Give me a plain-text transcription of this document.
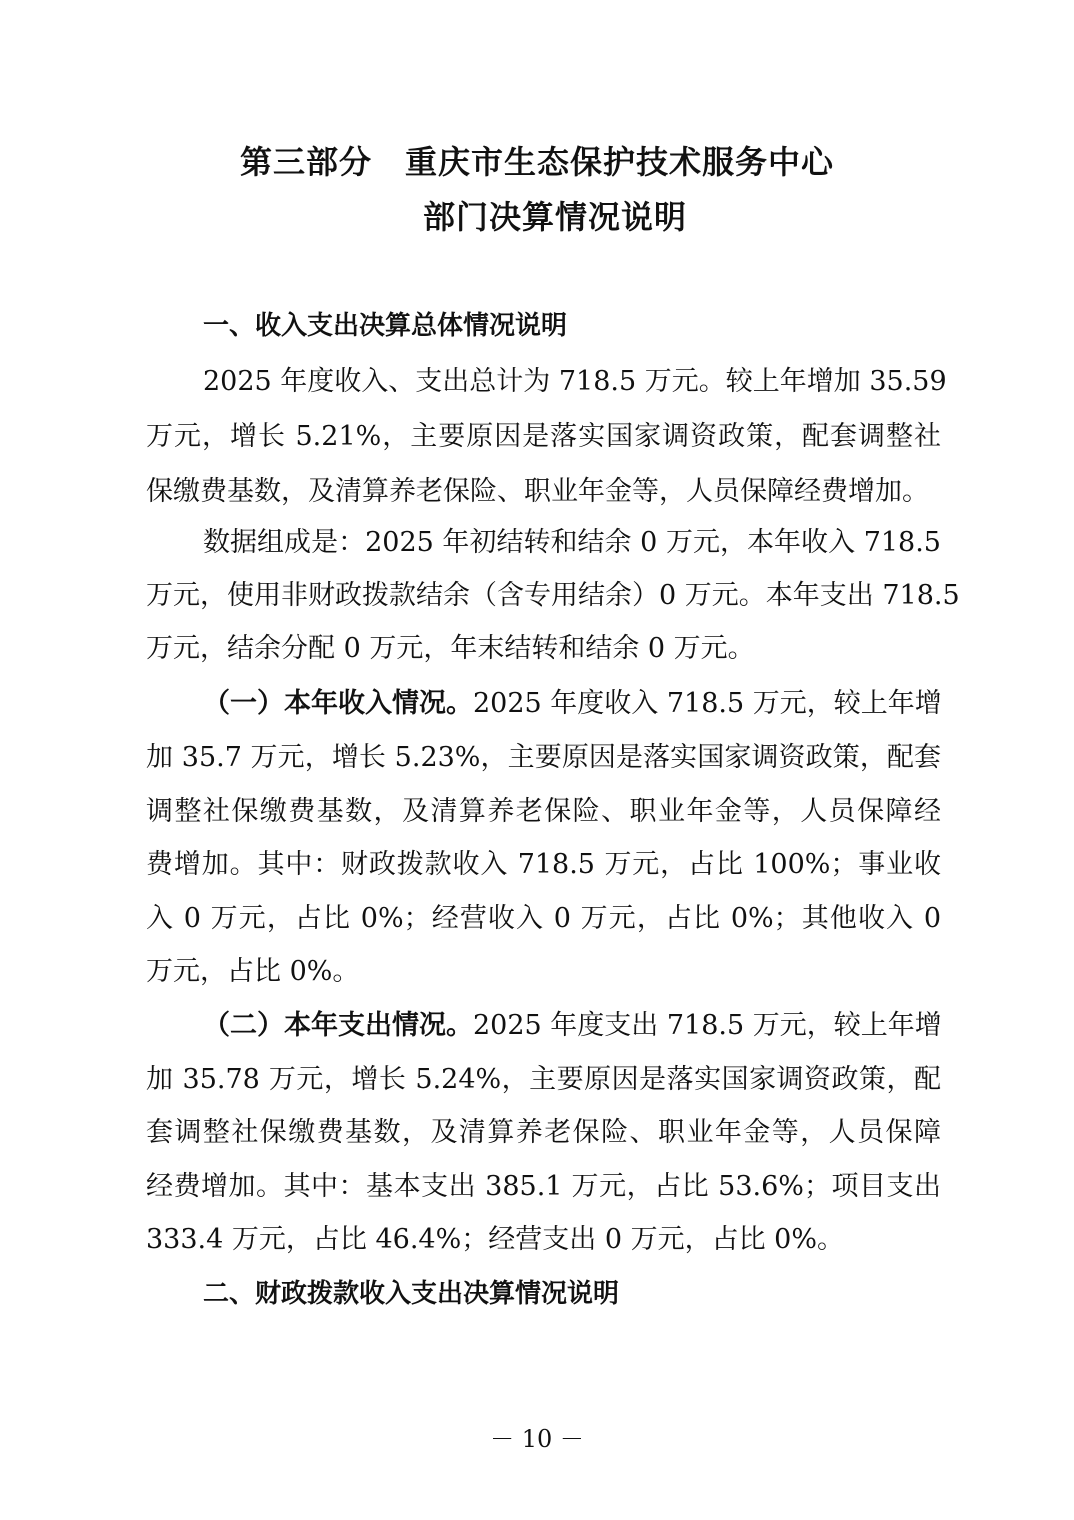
第三部分　重庆市生态保护技术服务中心
部门决算情况说明
一、收入支出决算总体情况说明
2025 年度收入、支出总计为 718.5 万元。较上年增加 35.59
万元，增长 5.21%，主要原因是落实国家调资政策，配套调整社
保缴费基数，及清算养老保险、职业年金等，人员保障经费增加。
数据组成是：2025 年初结转和结余 0 万元，本年收入 718.5
万元，使用非财政拨款结余（含专用结余）0 万元。本年支出 718.5
万元，结余分配 0 万元，年末结转和结余 0 万元。
（一）本年收入情况。2025 年度收入 718.5 万元，较上年增
加 35.7 万元，增长 5.23%，主要原因是落实国家调资政策，配套
调整社保缴费基数，及清算养老保险、职业年金等，人员保障经
费增加。其中：财政拨款收入 718.5 万元，占比 100%；事业收
入 0 万元，占比 0%；经营收入 0 万元，占比 0%；其他收入 0
万元，占比 0%。
（二）本年支出情况。2025 年度支出 718.5 万元，较上年增
加 35.78 万元，增长 5.24%，主要原因是落实国家调资政策，配
套调整社保缴费基数，及清算养老保险、职业年金等，人员保障
经费增加。其中：基本支出 385.1 万元，占比 53.6%；项目支出
333.4 万元，占比 46.4%；经营支出 0 万元，占比 0%。
二、财政拨款收入支出决算情况说明
－ 10 －
